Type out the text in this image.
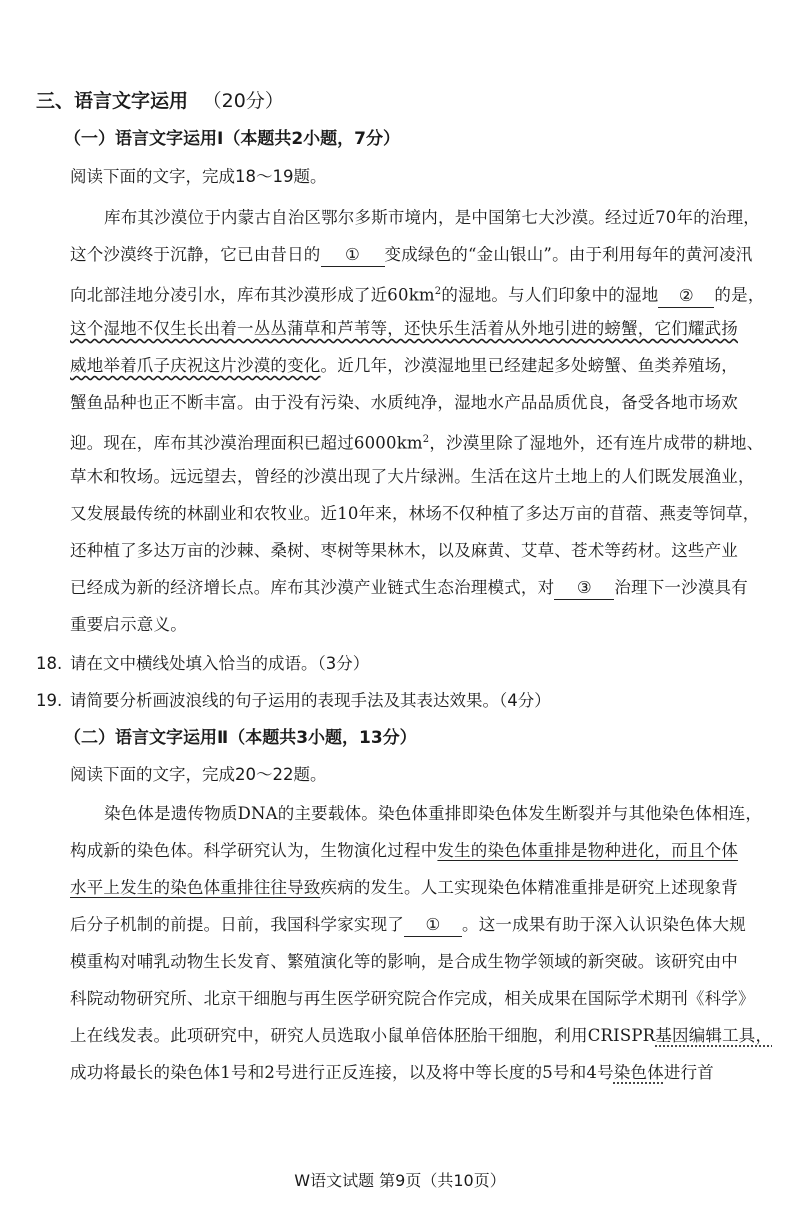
三、语言文字运用 （20分）
（一）语言文字运用Ⅰ（本题共2小题，7分）
阅读下面的文字，完成18～19题。
库布其沙漠位于内蒙古自治区鄂尔多斯市境内，是中国第七大沙漠。经过近70年的治理，
这个沙漠终于沉静，它已由昔日的 ① 变成绿色的“金山银山”。由于利用每年的黄河凌汛
向北部洼地分凌引水，库布其沙漠形成了近$60km^2$的湿地。与人们印象中的湿地 ② 的是，
这个湿地不仅生长出着一丛丛蒲草和芦苇等，还快乐生活着从外地引进的螃蟹，它们耀武扬
威地举着爪子庆祝这片沙漠的变化。近几年，沙漠湿地里已经建起多处螃蟹、鱼类养殖场，
蟹鱼品种也正不断丰富。由于没有污染、水质纯净，湿地水产品品质优良，备受各地市场欢
迎。现在，库布其沙漠治理面积已超过$6000km^2$，沙漠里除了湿地外，还有连片成带的耕地、
草木和牧场。远远望去，曾经的沙漠出现了大片绿洲。生活在这片土地上的人们既发展渔业，
又发展最传统的林副业和农牧业。近10年来，林场不仅种植了多达万亩的苜蓿、燕麦等饲草，
还种植了多达万亩的沙棘、桑树、枣树等果林木，以及麻黄、艾草、苍术等药材。这些产业
已经成为新的经济增长点。库布其沙漠产业链式生态治理模式，对 ③ 治理下一沙漠具有
重要启示意义。
18. 请在文中横线处填入恰当的成语。（3分）
19. 请简要分析画波浪线的句子运用的表现手法及其表达效果。（4分）
（二）语言文字运用Ⅱ（本题共3小题，13分）
阅读下面的文字，完成20～22题。
染色体是遗传物质DNA的主要载体。染色体重排即染色体发生断裂并与其他染色体相连，
构成新的染色体。科学研究认为，生物演化过程中发生的染色体重排是物种进化，而且个体
水平上发生的染色体重排往往导致疾病的发生。人工实现染色体精准重排是研究上述现象背
后分子机制的前提。日前，我国科学家实现了 ① 。这一成果有助于深入认识染色体大规
模重构对哺乳动物生长发育、繁殖演化等的影响，是合成生物学领域的新突破。该研究由中
科院动物研究所、北京干细胞与再生医学研究院合作完成，相关成果在国际学术期刊《科学》
上在线发表。此项研究中，研究人员选取小鼠单倍体胚胎干细胞，利用CRISPR基因编辑工具，
成功将最长的染色体1号和2号进行正反连接，以及将中等长度的5号和4号染色体进行首
W语文试题 第9页（共10页）
